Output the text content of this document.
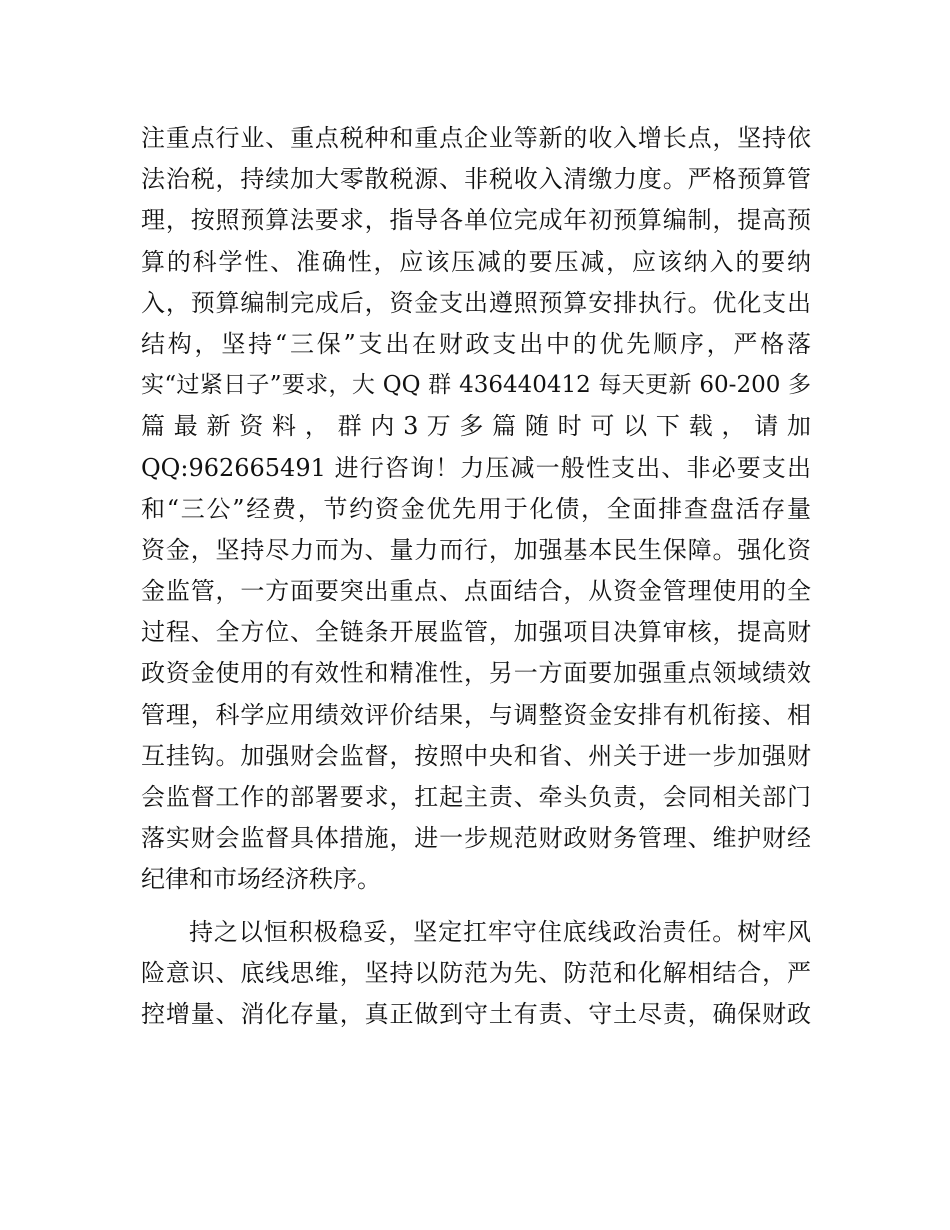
注重点行业、重点税种和重点企业等新的收入增长点，坚持依
法治税，持续加大零散税源、非税收入清缴力度。严格预算管
理，按照预算法要求，指导各单位完成年初预算编制，提高预
算的科学性、准确性，应该压减的要压减，应该纳入的要纳
入，预算编制完成后，资金支出遵照预算安排执行。优化支出
结构，坚持“三保”支出在财政支出中的优先顺序，严格落
实“过紧日子”要求，大 QQ 群 436440412 每天更新 60-200 多
篇 最 新 资 料 ， 群 内 3 万 多 篇 随 时 可 以 下 载 ， 请 加
QQ:962665491 进行咨询！力压减一般性支出、非必要支出
和“三公”经费，节约资金优先用于化债，全面排查盘活存量
资金，坚持尽力而为、量力而行，加强基本民生保障。强化资
金监管，一方面要突出重点、点面结合，从资金管理使用的全
过程、全方位、全链条开展监管，加强项目决算审核，提高财
政资金使用的有效性和精准性，另一方面要加强重点领域绩效
管理，科学应用绩效评价结果，与调整资金安排有机衔接、相
互挂钩。加强财会监督，按照中央和省、州关于进一步加强财
会监督工作的部署要求，扛起主责、牵头负责，会同相关部门
落实财会监督具体措施，进一步规范财政财务管理、维护财经
纪律和市场经济秩序。
持之以恒积极稳妥，坚定扛牢守住底线政治责任。树牢风
险意识、底线思维，坚持以防范为先、防范和化解相结合，严
控增量、消化存量，真正做到守土有责、守土尽责，确保财政
